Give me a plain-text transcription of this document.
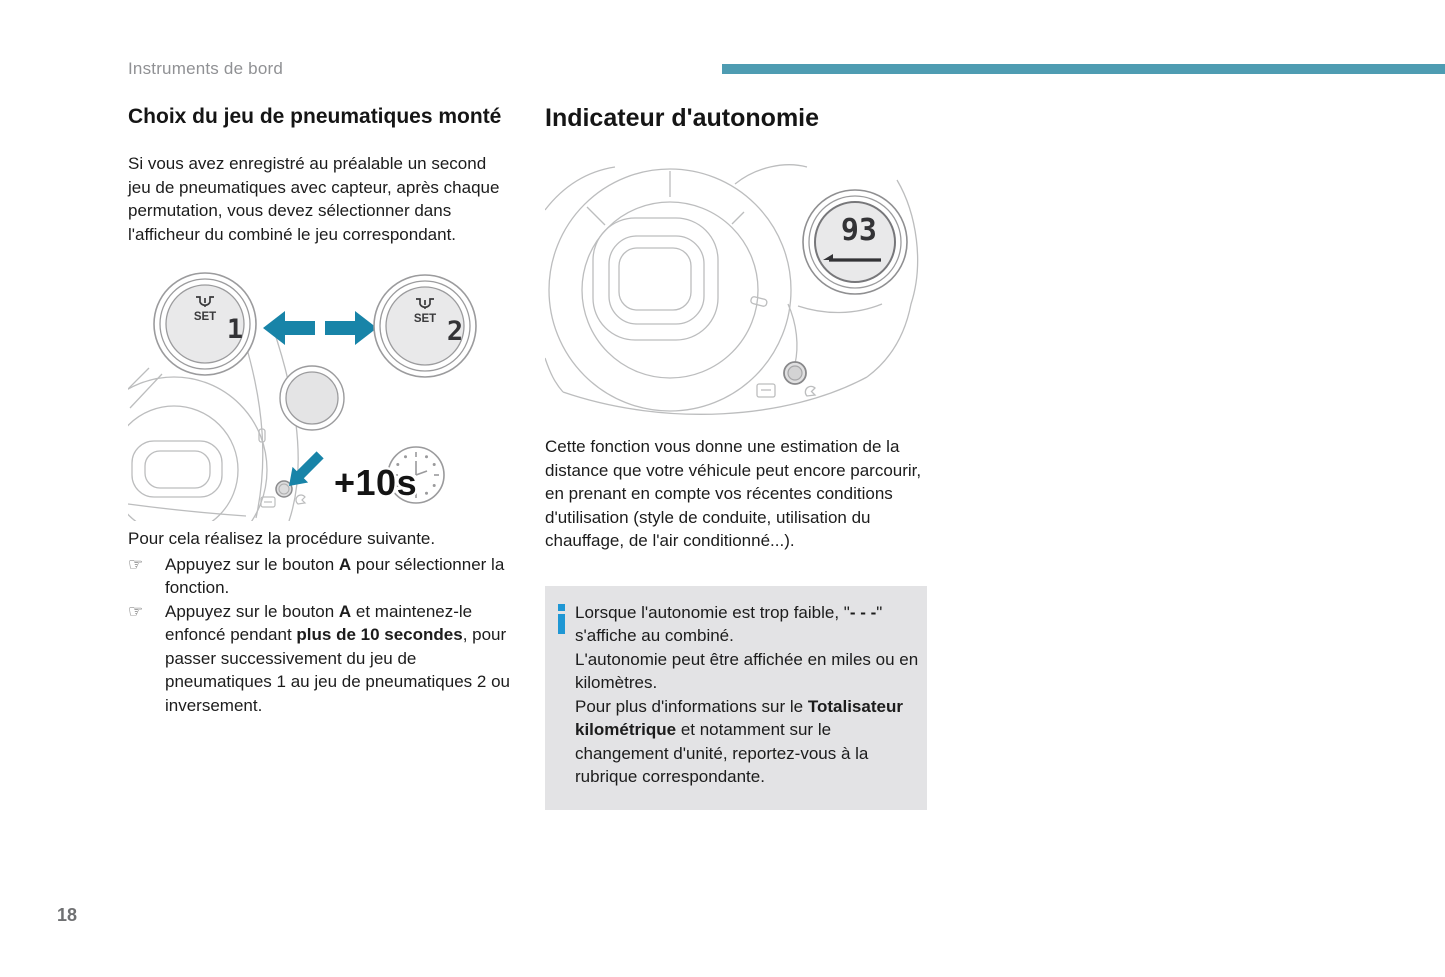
Instruments de bord
Choix du jeu de pneumatiques monté

Si vous avez enregistré au préalable un second jeu de pneumatiques avec capteur, après chaque permutation, vous devez sélectionner dans l'afficheur du combiné le jeu correspondant.

SET 1	SET 2
+10s

Pour cela réalisez la procédure suivante.

☞	Appuyez sur le bouton A pour sélectionner la fonction.
☞	Appuyez sur le bouton A et maintenez-le enfoncé pendant plus de 10 secondes, pour passer successivement du jeu de pneumatiques 1 au jeu de pneumatiques 2 ou inversement.
Indicateur d'autonomie
93

Cette fonction vous donne une estimation de la distance que votre véhicule peut encore parcourir, en prenant en compte vos récentes conditions d'utilisation (style de conduite, utilisation du chauffage, de l'air conditionné...).

Lorsque l'autonomie est trop faible, "- - -" s'affiche au combiné.

L'autonomie peut être affichée en miles ou en kilomètres.

Pour plus d'informations sur le Totalisateur kilométrique et notamment sur le changement d'unité, reportez-vous à la rubrique correspondante.

18
